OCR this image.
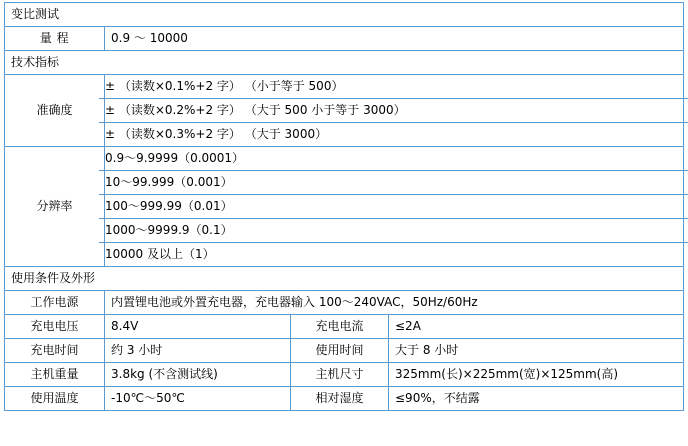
变比测试			
量 程	0.9 ～ 10000		
技术指标			
准确度	± （读数×0.1%+2 字） （小于等于 500）
± （读数×0.2%+2 字） （大于 500 小于等于 3000）
± （读数×0.3%+2 字） （大于 3000）		

分辨率	0.9～9.9999（0.0001）
10～99.999（0.001）
100～999.99（0.01）
1000～9999.9（0.1）
10000 及以上（1）		

使用条件及外形			
工作电源	内置锂电池或外置充电器，充电器输入 100～240VAC，50Hz/60Hz		
充电电压	8.4V	充电电流	≤2A
充电时间	约 3 小时	使用时间	大于 8 小时
主机重量	3.8kg (不含测试线)	主机尺寸	325mm(长)×225mm(宽)×125mm(高)
使用温度	-10℃～50℃	相对湿度	≤90%，不结露
